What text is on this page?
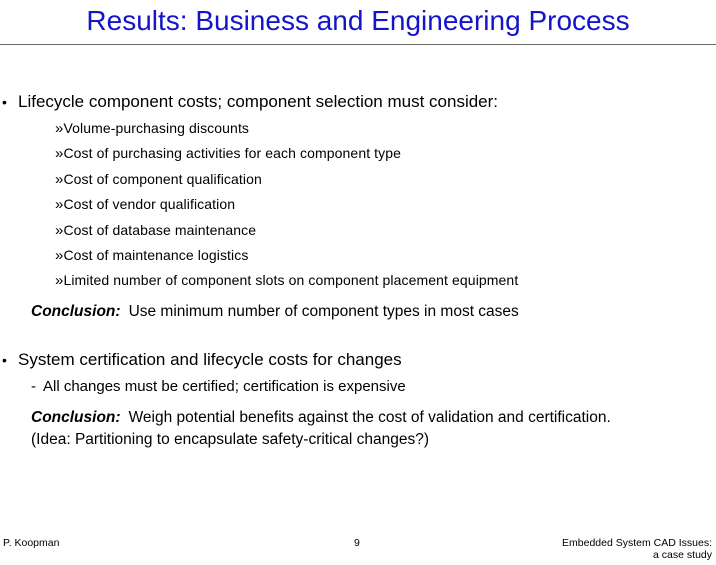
Results: Business and Engineering Process
• Lifecycle component costs; component selection must consider:
»Volume-purchasing discounts
»Cost of purchasing activities for each component type
»Cost of component qualification
»Cost of vendor qualification
»Cost of database maintenance
»Cost of maintenance logistics
»Limited number of component slots on component placement equipment
Conclusion: Use minimum number of component types in most cases
• System certification and lifecycle costs for changes
- All changes must be certified; certification is expensive
Conclusion: Weigh potential benefits against the cost of validation and certification.
(Idea: Partitioning to encapsulate safety-critical changes?)
P. Koopman	9	Embedded System CAD Issues:
a case study
